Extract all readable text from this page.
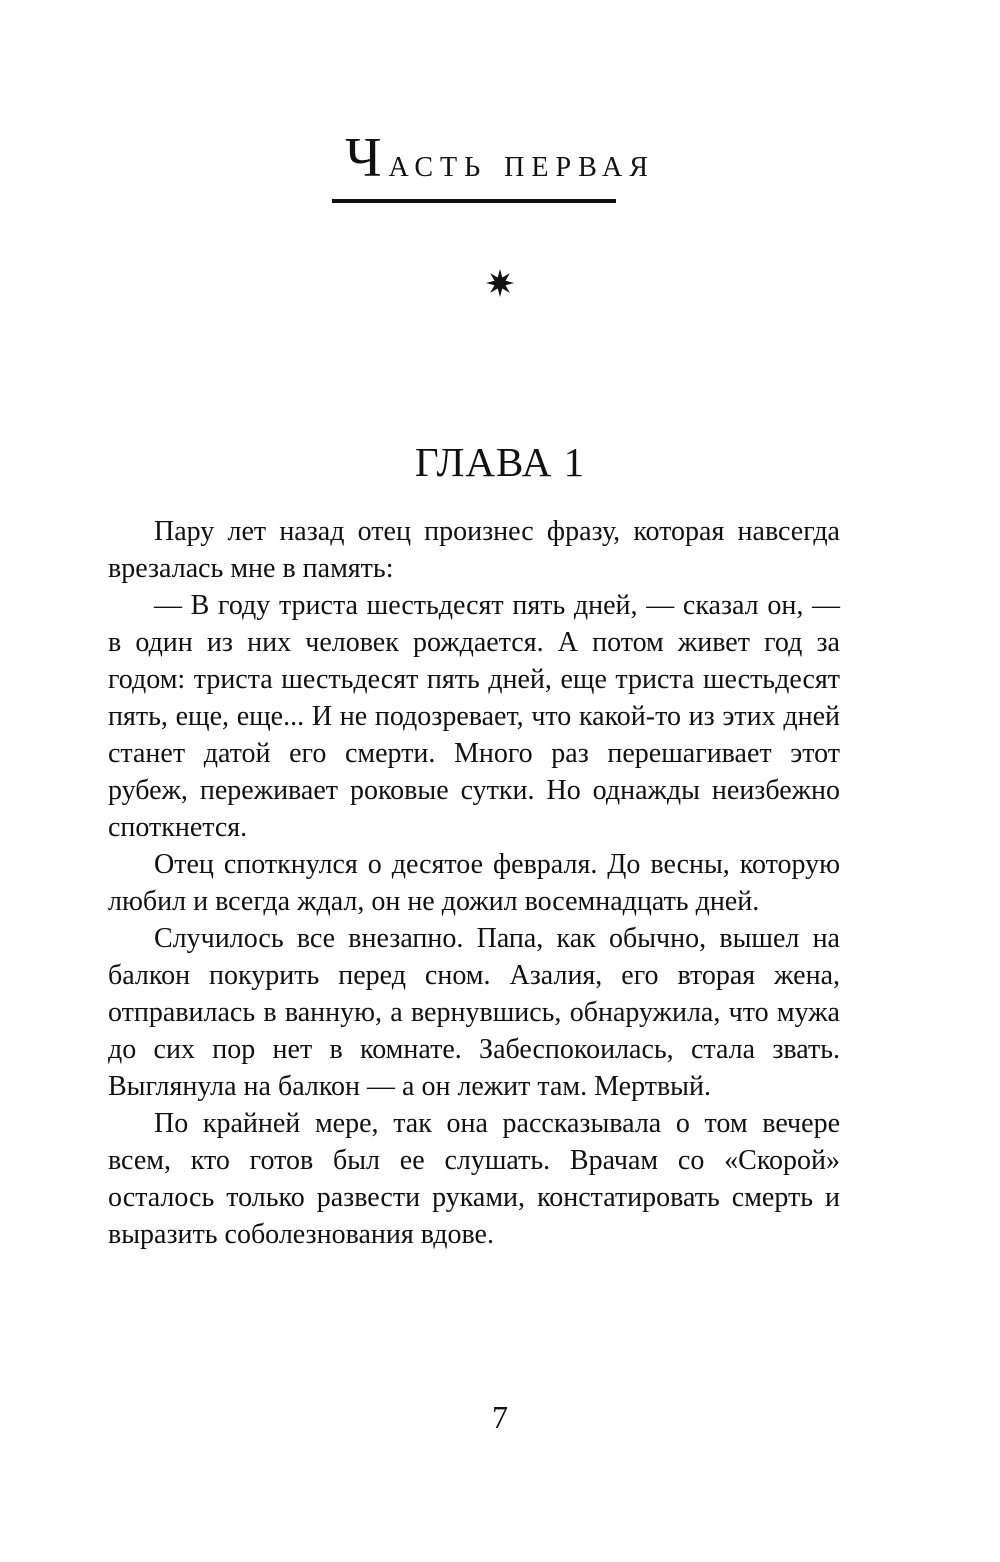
Часть первая
ГЛАВА 1

Пару лет назад отец произнес фразу, которая навсегда врезалась мне в память:

— В году триста шестьдесят пять дней, — сказал он, — в один из них человек рождается. А потом живет год за годом: триста шестьдесят пять дней, еще триста шестьдесят пять, еще, еще... И не подозревает, что какой-то из этих дней станет датой его смерти. Много раз перешагивает этот рубеж, переживает роковые сутки. Но однажды неизбежно споткнется.

Отец споткнулся о десятое февраля. До весны, которую любил и всегда ждал, он не дожил восемнадцать дней.

Случилось все внезапно. Папа, как обычно, вышел на балкон покурить перед сном. Азалия, его вторая жена, отправилась в ванную, а вернувшись, обнаружила, что мужа до сих пор нет в комнате. Забеспокоилась, стала звать. Выглянула на балкон — а он лежит там. Мертвый.

По крайней мере, так она рассказывала о том вечере всем, кто готов был ее слушать. Врачам со «Скорой» осталось только развести руками, констатировать смерть и выразить соболезнования вдове.

7
